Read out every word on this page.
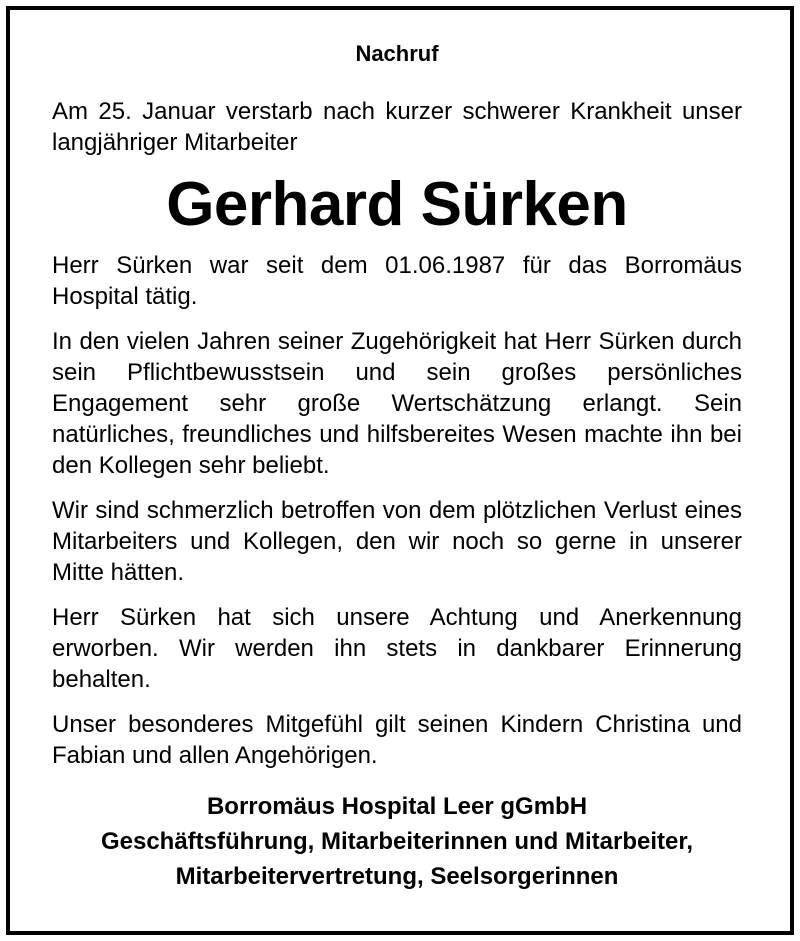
Nachruf

Am 25. Januar verstarb nach kurzer schwerer Krankheit unser langjähriger Mitarbeiter

Gerhard Sürken

Herr Sürken war seit dem 01.06.1987 für das Borromäus Hospital tätig.

In den vielen Jahren seiner Zugehörigkeit hat Herr Sürken durch sein Pflichtbewusstsein und sein großes persönliches Engagement sehr große Wertschätzung erlangt. Sein natürliches, freundliches und hilfsbereites Wesen machte ihn bei den Kollegen sehr beliebt.

Wir sind schmerzlich betroffen von dem plötzlichen Verlust eines Mitarbeiters und Kollegen, den wir noch so gerne in unserer Mitte hätten.

Herr Sürken hat sich unsere Achtung und Anerkennung erworben. Wir werden ihn stets in dankbarer Erinnerung behalten.

Unser besonderes Mitgefühl gilt seinen Kindern Christina und Fabian und allen Angehörigen.

Borromäus Hospital Leer gGmbH
Geschäftsführung, Mitarbeiterinnen und Mitarbeiter,
Mitarbeitervertretung, Seelsorgerinnen
